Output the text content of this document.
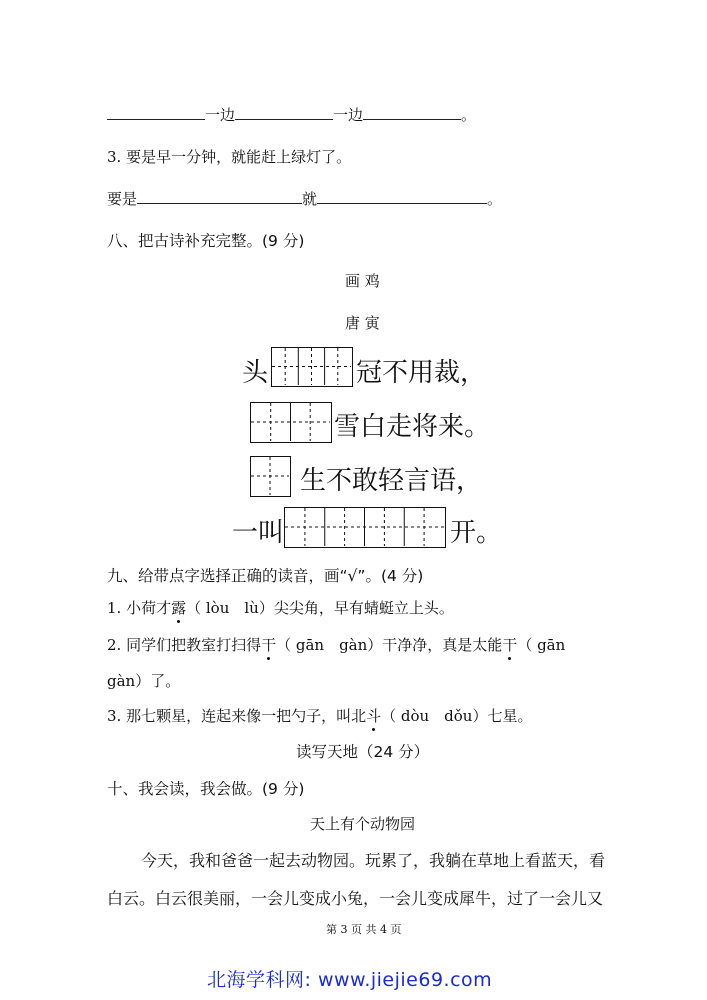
一边	一边	。
3. 要是早一分钟，就能赶上绿灯了。
要是	就	。
八、把古诗补充完整。(9 分)
画 鸡
唐 寅
头	冠不用裁，
雪白走将来。
生不敢轻言语，
一叫	开。
九、给带点字选择正确的读音，画“√”。(4 分)
1. 小荷才露（ lòu　lù）尖尖角，早有蜻蜓立上头。
2. 同学们把教室打扫得干（ gān　gàn）干净净，真是太能干（ gān
gàn）了。
3. 那七颗星，连起来像一把勺子，叫北斗（ dòu　dǒu）七星。
读写天地（24 分）
十、我会读，我会做。(9 分)
天上有个动物园
今天，我和爸爸一起去动物园。玩累了，我躺在草地上看蓝天，看
白云。白云很美丽，一会儿变成小兔，一会儿变成犀牛，过了一会儿又
第 3 页 共 4 页
北海学科网: www.jiejie69.com
